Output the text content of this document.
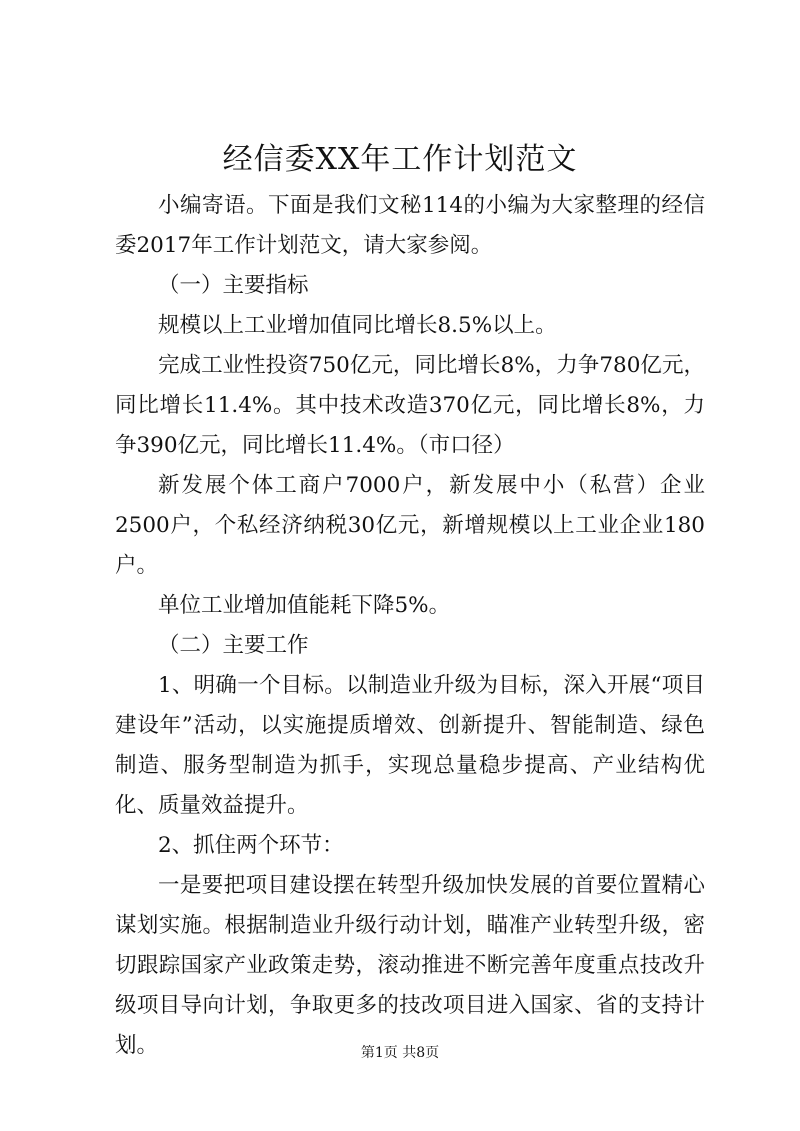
经信委XX年工作计划范文

小编寄语。下面是我们文秘114的小编为大家整理的经信委2017年工作计划范文，请大家参阅。

（一）主要指标

规模以上工业增加值同比增长8.5%以上。

完成工业性投资750亿元，同比增长8%，力争780亿元，同比增长11.4%。其中技术改造370亿元，同比增长8%，力争390亿元，同比增长11.4%。（市口径）

新发展个体工商户7000户，新发展中小（私营）企业2500户，个私经济纳税30亿元，新增规模以上工业企业180户。

单位工业增加值能耗下降5%。

（二）主要工作

1、明确一个目标。以制造业升级为目标，深入开展“项目建设年”活动，以实施提质增效、创新提升、智能制造、绿色制造、服务型制造为抓手，实现总量稳步提高、产业结构优化、质量效益提升。

2、抓住两个环节：

一是要把项目建设摆在转型升级加快发展的首要位置精心谋划实施。根据制造业升级行动计划，瞄准产业转型升级，密切跟踪国家产业政策走势，滚动推进不断完善年度重点技改升级项目导向计划，争取更多的技改项目进入国家、省的支持计划。	第1页 共8页
